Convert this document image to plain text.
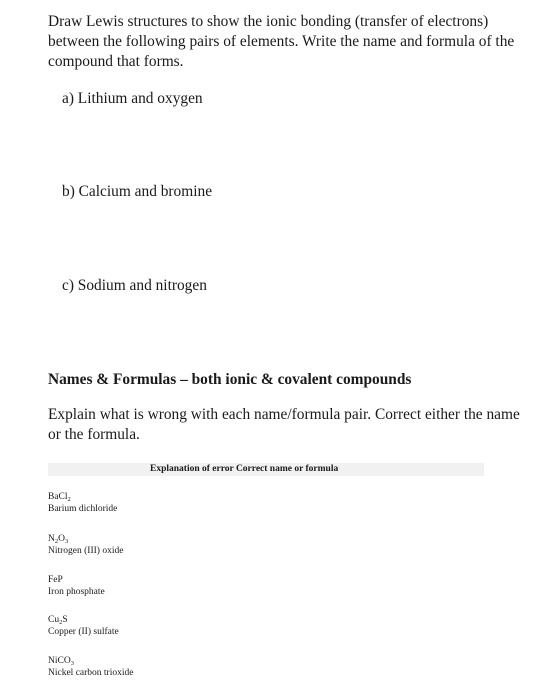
Draw Lewis structures to show the ionic bonding (transfer of electrons) between the following pairs of elements. Write the name and formula of the compound that forms.
a) Lithium and oxygen
b) Calcium and bromine
c) Sodium and nitrogen
Names & Formulas – both ionic & covalent compounds
Explain what is wrong with each name/formula pair. Correct either the name or the formula.
Explanation of error Correct name or formula
BaCl$_2$
Barium dichloride
$N_2O_3$
Nitrogen (III) oxide
FeP
Iron phosphate
$Cu_2S$
Copper (II) sulfate
NiCO$_3$
Nickel carbon trioxide
